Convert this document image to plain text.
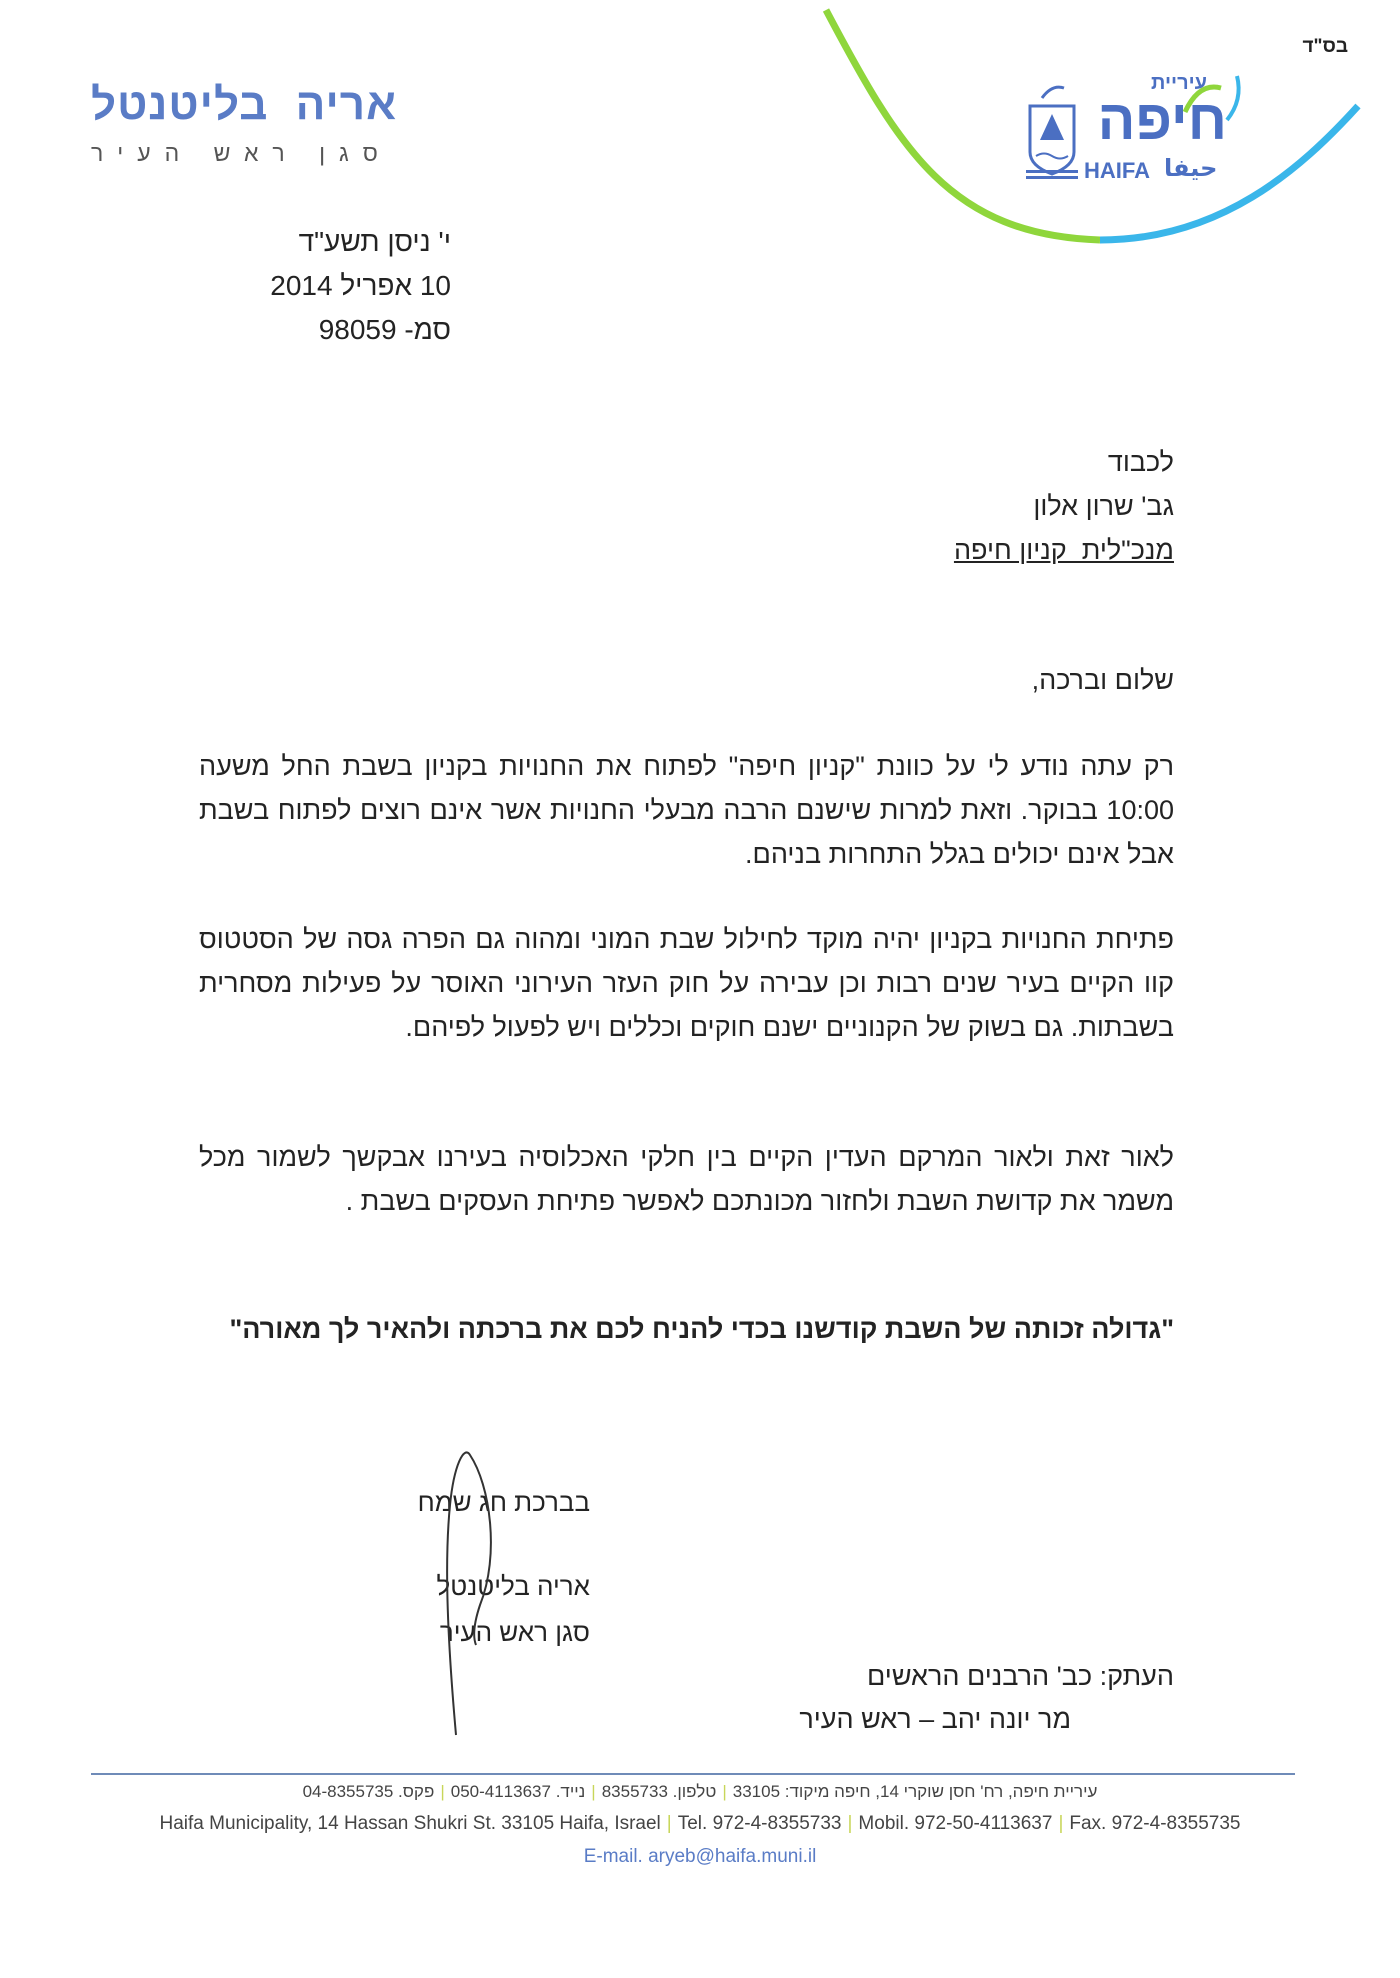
בס"ד
עיריית
חיפה
HAIFA حيفا
אריה בליטנטל
סגן ראש העיר
י' ניסן תשע"ד
10 אפריל 2014
סמ- 98059
לכבוד
גב' שרון אלון
מנכ"לית  קניון חיפה
שלום וברכה,
רק עתה נודע לי על כוונת "קניון חיפה" לפתוח את החנויות בקניון בשבת החל משעה 10:00 בבוקר. וזאת למרות שישנם הרבה מבעלי החנויות אשר אינם רוצים לפתוח בשבת אבל אינם יכולים בגלל התחרות בניהם.
פתיחת החנויות בקניון יהיה מוקד לחילול שבת המוני ומהוה גם הפרה גסה של הסטטוס קוו הקיים בעיר שנים רבות וכן עבירה על חוק העזר העירוני האוסר על פעילות מסחרית בשבתות. גם בשוק של הקנוניים ישנם חוקים וכללים ויש לפעול לפיהם.
לאור זאת ולאור המרקם העדין הקיים בין חלקי האכלוסיה בעירנו אבקשך לשמור מכל משמר את קדושת השבת ולחזור מכונתכם לאפשר פתיחת העסקים בשבת .
"גדולה זכותה של השבת קודשנו בכדי להניח לכם את ברכתה ולהאיר לך מאורה"
בברכת חג שמח
אריה בליטנטל
סגן ראש העיר
העתק: כב' הרבנים הראשים
מר יונה יהב – ראש העיר
עיריית חיפה, רח' חסן שוקרי 14, חיפה מיקוד: 33105|טלפון. 8355733|נייד. 050-4113637|פקס. 04-8355735
Haifa Municipality, 14 Hassan Shukri St. 33105 Haifa, Israel | Tel. 972-4-8355733 | Mobil. 972-50-4113637 | Fax. 972-4-8355735
E-mail. aryeb@haifa.muni.il
